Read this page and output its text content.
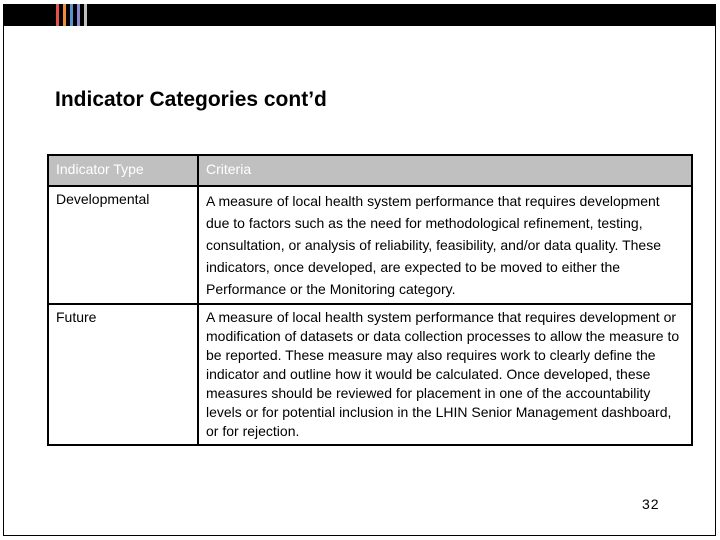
Indicator Categories cont’d
Indicator Type	Criteria
Developmental	A measure of local health system performance that requires development due to factors such as the need for methodological refinement, testing, consultation, or analysis of reliability, feasibility, and/or data quality. These indicators, once developed, are expected to be moved to either the Performance or the Monitoring category.
Future	A measure of local health system performance that requires development or modification of datasets or data collection processes to allow the measure to be reported. These measure may also requires work to clearly define the indicator and outline how it would be calculated. Once developed, these measures should be reviewed for placement in one of the accountability levels or for potential inclusion in the LHIN Senior Management dashboard, or for rejection.
32
